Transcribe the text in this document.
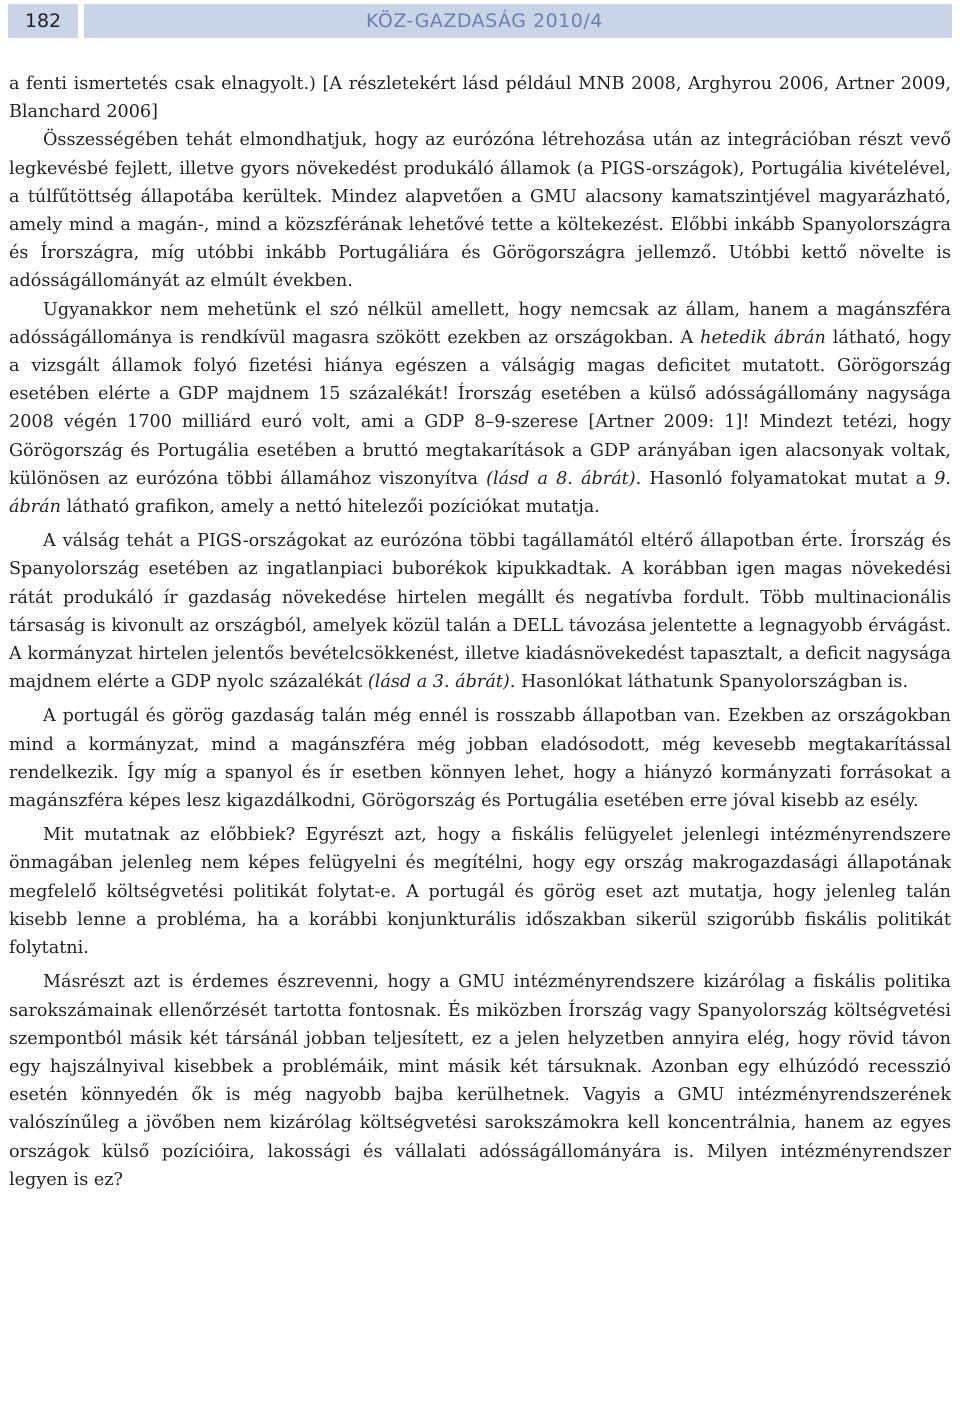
182	KÖZ-GAZDASÁG 2010/4

a fenti ismertetés csak elnagyolt.) [A részletekért lásd például MNB 2008, Arghyrou 2006, Artner 2009, Blanchard 2006]

Összességében tehát elmondhatjuk, hogy az eurózóna létrehozása után az integrációban részt vevő legkevésbé fejlett, illetve gyors növekedést produkáló államok (a PIGS-országok), Portugália kivételével, a túlfűtöttség állapotába kerültek. Mindez alapvetően a GMU alacsony kamatszintjével magyarázható, amely mind a magán-, mind a közszférának lehetővé tette a költekezést. Előbbi inkább Spanyolországra és Írországra, míg utóbbi inkább Portugáliára és Görögországra jellemző. Utóbbi kettő növelte is adósságállományát az elmúlt években.

Ugyanakkor nem mehetünk el szó nélkül amellett, hogy nemcsak az állam, hanem a magánszféra adósságállománya is rendkívül magasra szökött ezekben az országokban. A hetedik ábrán látható, hogy a vizsgált államok folyó fizetési hiánya egészen a válságig magas deficitet mutatott. Görögország esetében elérte a GDP majdnem 15 százalékát! Írország esetében a külső adósságállomány nagysága 2008 végén 1700 milliárd euró volt, ami a GDP 8–9-szerese [Artner 2009: 1]! Mindezt tetézi, hogy Görögország és Portugália esetében a bruttó megtakarítások a GDP arányában igen alacsonyak voltak, különösen az eurózóna többi államához viszonyítva (lásd a 8. ábrát). Hasonló folyamatokat mutat a 9. ábrán látható grafikon, amely a nettó hitelezői pozíciókat mutatja.

A válság tehát a PIGS-országokat az eurózóna többi tagállamától eltérő állapotban érte. Írország és Spanyolország esetében az ingatlanpiaci buborékok kipukkadtak. A korábban igen magas növekedési rátát produkáló ír gazdaság növekedése hirtelen megállt és negatívba fordult. Több multinacionális társaság is kivonult az országból, amelyek közül talán a DELL távozása jelentette a legnagyobb érvágást. A kormányzat hirtelen jelentős bevételcsökkenést, illetve kiadásnövekedést tapasztalt, a deficit nagysága majdnem elérte a GDP nyolc százalékát (lásd a 3. ábrát). Hasonlókat láthatunk Spanyolországban is.

A portugál és görög gazdaság talán még ennél is rosszabb állapotban van. Ezekben az országokban mind a kormányzat, mind a magánszféra még jobban eladósodott, még kevesebb megtakarítással rendelkezik. Így míg a spanyol és ír esetben könnyen lehet, hogy a hiányzó kormányzati forrásokat a magánszféra képes lesz kigazdálkodni, Görögország és Portugália esetében erre jóval kisebb az esély.

Mit mutatnak az előbbiek? Egyrészt azt, hogy a fiskális felügyelet jelenlegi intézményrendszere önmagában jelenleg nem képes felügyelni és megítélni, hogy egy ország makrogazdasági állapotának megfelelő költségvetési politikát folytat-e. A portugál és görög eset azt mutatja, hogy jelenleg talán kisebb lenne a probléma, ha a korábbi konjunkturális időszakban sikerül szigorúbb fiskális politikát folytatni.

Másrészt azt is érdemes észrevenni, hogy a GMU intézményrendszere kizárólag a fiskális politika sarokszámainak ellenőrzését tartotta fontosnak. És miközben Írország vagy Spanyolország költségvetési szempontból másik két társánál jobban teljesített, ez a jelen helyzetben annyira elég, hogy rövid távon egy hajszálnyival kisebbek a problémáik, mint másik két társuknak. Azonban egy elhúzódó recesszió esetén könnyedén ők is még nagyobb bajba kerülhetnek. Vagyis a GMU intézményrendszerének valószínűleg a jövőben nem kizárólag költségvetési sarokszámokra kell koncentrálnia, hanem az egyes országok külső pozícióira, lakossági és vállalati adósságállományára is. Milyen intézményrendszer legyen is ez?
